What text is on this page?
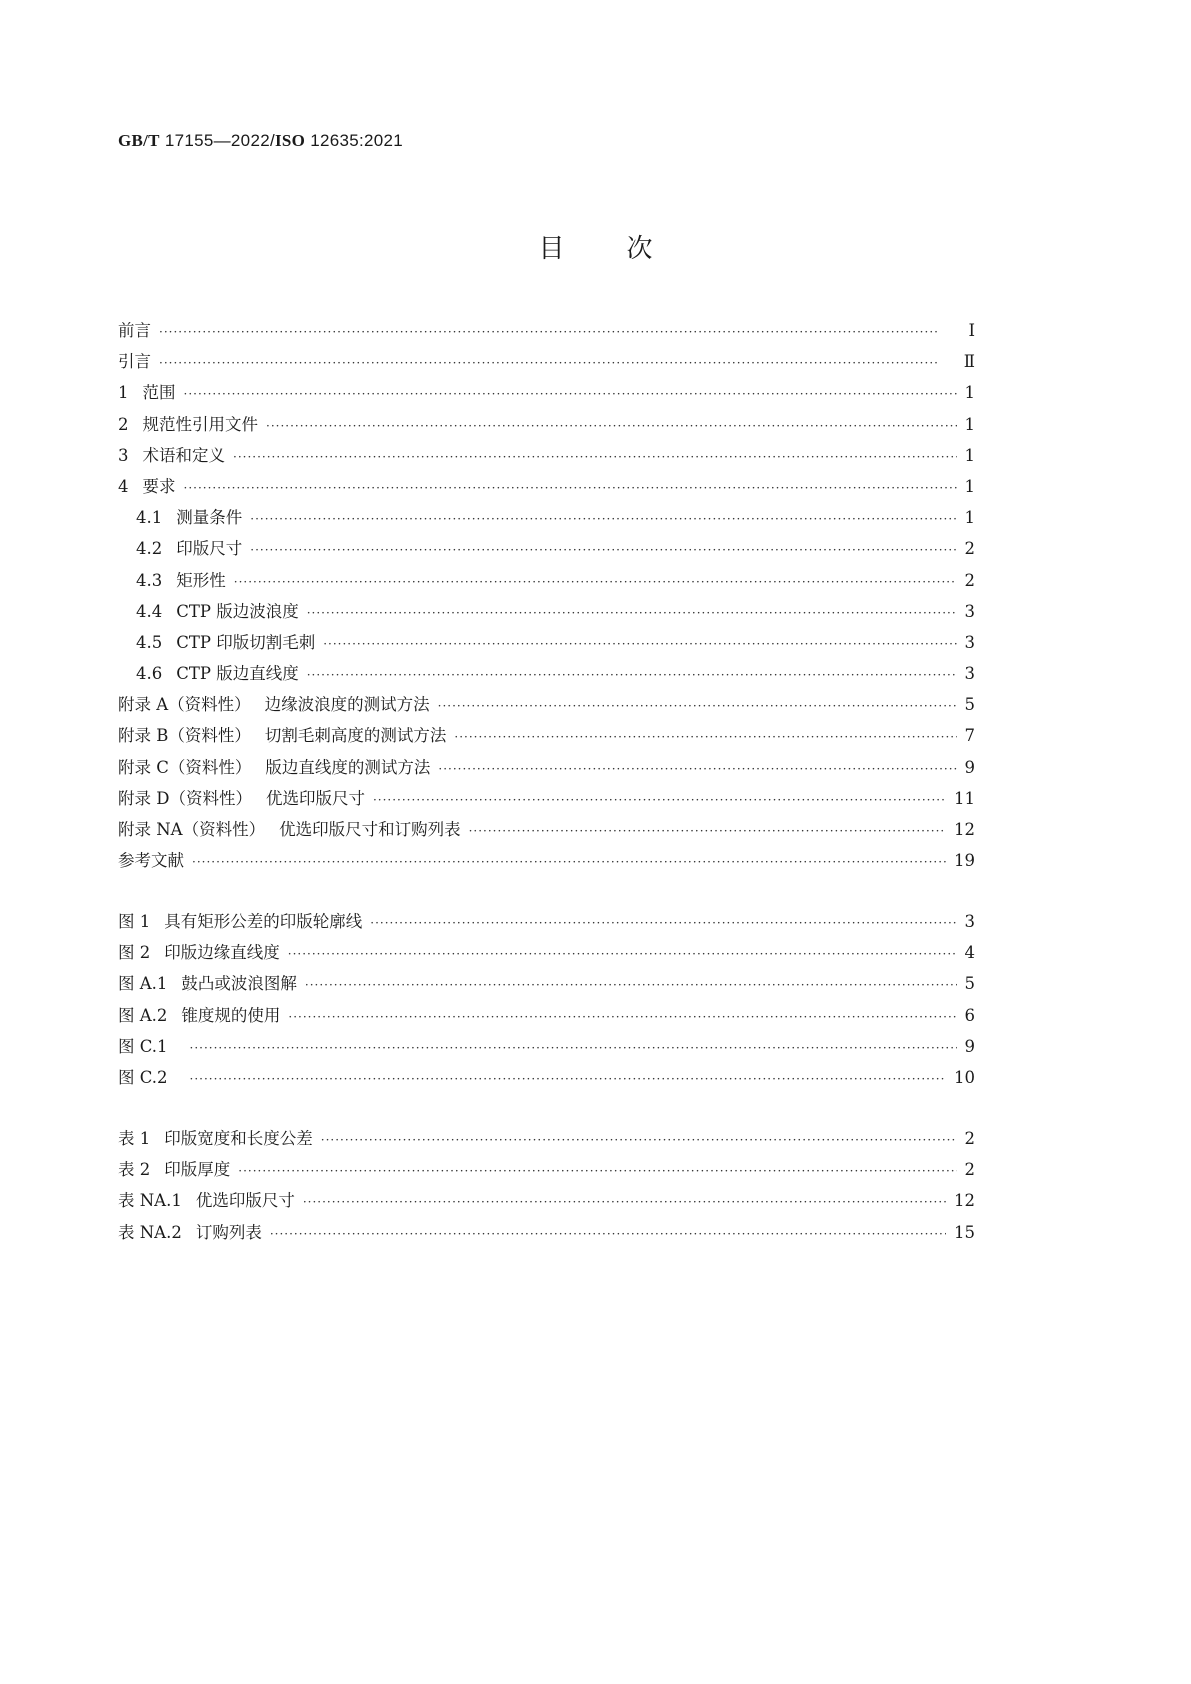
GB/T 17155—2022/ISO 12635:2021
目次
前言 ·····	Ⅰ
引言 ·····	Ⅱ
1 范围 ·····	1
2 规范性引用文件 ·····	1
3 术语和定义 ·····	1
4 要求 ·····	1
4.1 测量条件 ·····	1
4.2 印版尺寸 ·····	2
4.3 矩形性 ·····	2
4.4 CTP 版边波浪度 ·····	3
4.5 CTP 印版切割毛刺 ·····	3
4.6 CTP 版边直线度 ·····	3
附录 A（资料性） 边缘波浪度的测试方法 ·····	5
附录 B（资料性） 切割毛刺高度的测试方法 ·····	7
附录 C（资料性） 版边直线度的测试方法 ·····	9
附录 D（资料性） 优选印版尺寸 ·····	11
附录 NA（资料性） 优选印版尺寸和订购列表 ·····	12
参考文献 ·····	19
图 1 具有矩形公差的印版轮廓线 ·····	3
图 2 印版边缘直线度 ·····	4
图 A.1 鼓凸或波浪图解 ·····	5
图 A.2 锥度规的使用 ·····	6
图 C.1 ·····	9
图 C.2 ·····	10
表 1 印版宽度和长度公差 ·····	2
表 2 印版厚度 ·····	2
表 NA.1 优选印版尺寸 ·····	12
表 NA.2 订购列表 ·····	15
